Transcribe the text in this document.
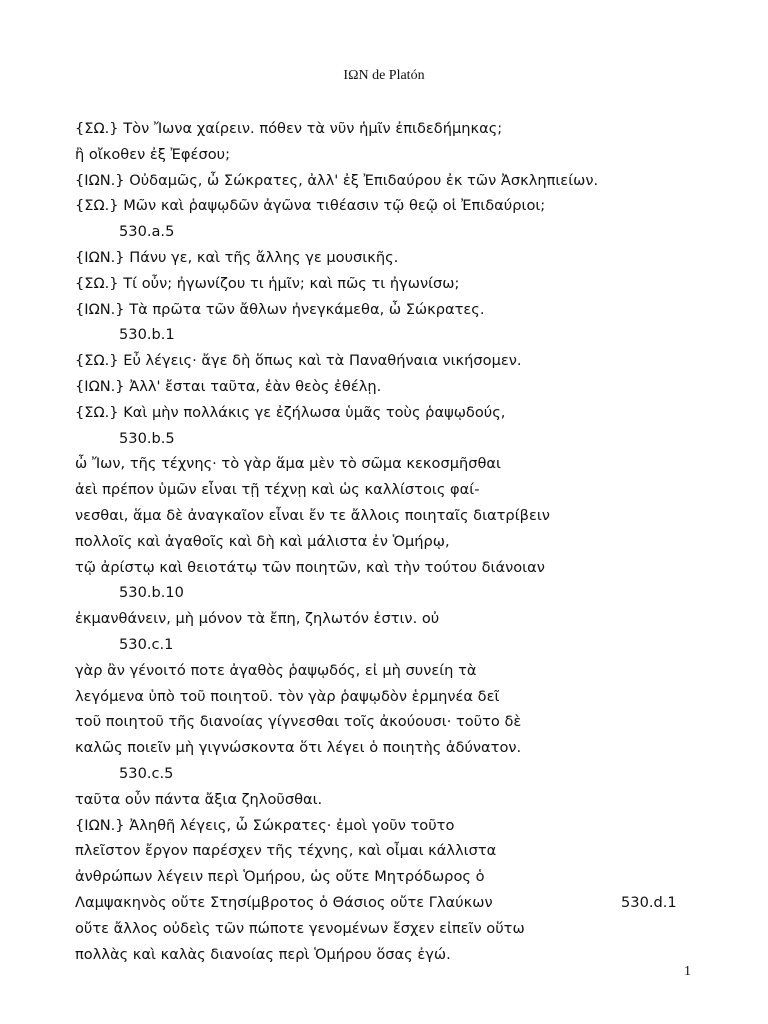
ΙΩΝ de Platón
{ΣΩ.} Τὸν Ἴωνα χαίρειν. πόθεν τὰ νῦν ἡμῖν ἐπιδεδήμηκας;
ἢ οἴκοθεν ἐξ Ἐφέσου;
{ΙΩΝ.} Οὐδαμῶς, ὦ Σώκρατες, ἀλλ' ἐξ Ἐπιδαύρου ἐκ τῶν Ἀσκληπιείων.
{ΣΩ.} Μῶν καὶ ῥαψῳδῶν ἀγῶνα τιθέασιν τῷ θεῷ οἱ Ἐπιδαύριοι;
530.a.5
{ΙΩΝ.} Πάνυ γε, καὶ τῆς ἄλλης γε μουσικῆς.
{ΣΩ.} Τί οὖν; ἠγωνίζου τι ἡμῖν; καὶ πῶς τι ἠγωνίσω;
{ΙΩΝ.} Τὰ πρῶτα τῶν ἄθλων ἠνεγκάμεθα, ὦ Σώκρατες.
530.b.1
{ΣΩ.} Εὖ λέγεις· ἄγε δὴ ὅπως καὶ τὰ Παναθήναια νικήσομεν.
{ΙΩΝ.} Ἀλλ' ἔσται ταῦτα, ἐὰν θεὸς ἐθέλῃ.
{ΣΩ.} Καὶ μὴν πολλάκις γε ἐζήλωσα ὑμᾶς τοὺς ῥαψῳδούς,
530.b.5
ὦ Ἴων, τῆς τέχνης· τὸ γὰρ ἅμα μὲν τὸ σῶμα κεκοσμῆσθαι
ἀεὶ πρέπον ὑμῶν εἶναι τῇ τέχνῃ καὶ ὡς καλλίστοις φαί-
νεσθαι, ἅμα δὲ ἀναγκαῖον εἶναι ἔν τε ἄλλοις ποιηταῖς διατρίβειν
πολλοῖς καὶ ἀγαθοῖς καὶ δὴ καὶ μάλιστα ἐν Ὁμήρῳ,
τῷ ἀρίστῳ καὶ θειοτάτῳ τῶν ποιητῶν, καὶ τὴν τούτου διάνοιαν
530.b.10
ἐκμανθάνειν, μὴ μόνον τὰ ἔπη, ζηλωτόν ἐστιν. οὐ
530.c.1
γὰρ ἂν γένοιτό ποτε ἀγαθὸς ῥαψῳδός, εἰ μὴ συνείη τὰ
λεγόμενα ὑπὸ τοῦ ποιητοῦ. τὸν γὰρ ῥαψῳδὸν ἑρμηνέα δεῖ
τοῦ ποιητοῦ τῆς διανοίας γίγνεσθαι τοῖς ἀκούουσι· τοῦτο δὲ
καλῶς ποιεῖν μὴ γιγνώσκοντα ὅτι λέγει ὁ ποιητὴς ἀδύνατον.
530.c.5
ταῦτα οὖν πάντα ἄξια ζηλοῦσθαι.
{ΙΩΝ.} Ἀληθῆ λέγεις, ὦ Σώκρατες· ἐμοὶ γοῦν τοῦτο
πλεῖστον ἔργον παρέσχεν τῆς τέχνης, καὶ οἶμαι κάλλιστα
ἀνθρώπων λέγειν περὶ Ὁμήρου, ὡς οὔτε Μητρόδωρος ὁ
Λαμψακηνὸς οὔτε Στησίμβροτος ὁ Θάσιος οὔτε Γλαύκων	530.d.1
οὔτε ἄλλος οὐδεὶς τῶν πώποτε γενομένων ἔσχεν εἰπεῖν οὕτω
πολλὰς καὶ καλὰς διανοίας περὶ Ὁμήρου ὅσας ἐγώ.
1
